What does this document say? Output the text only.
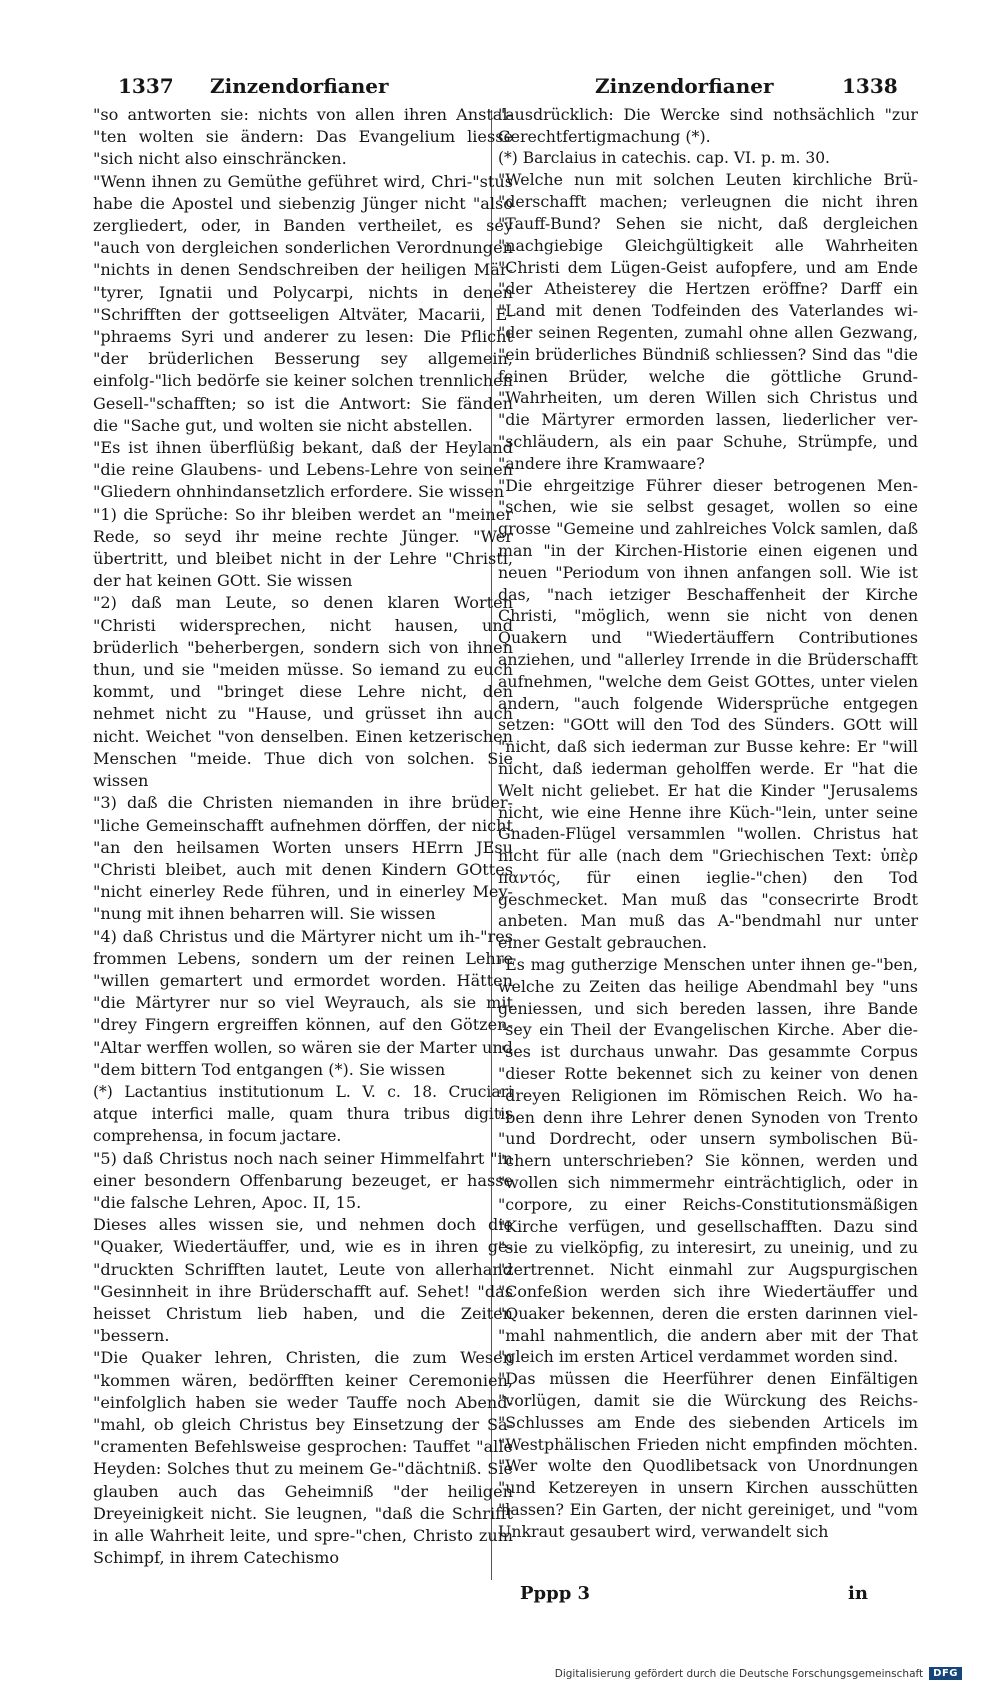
1337 Zinzendorfianer	Zinzendorfianer	1338

"so antworten sie: nichts von allen ihren Anstal-"ten wolten sie ändern: Das Evangelium liesse "sich nicht also einschräncken.

"Wenn ihnen zu Gemüthe geführet wird, Chri-"stus habe die Apostel und siebenzig Jünger nicht "also zergliedert, oder, in Banden vertheilet, es sey "auch von dergleichen sonderlichen Verordnungen "nichts in denen Sendschreiben der heiligen Mär-"tyrer, Ignatii und Polycarpi, nichts in denen "Schrifften der gottseeligen Altväter, Macarii, E-"phraems Syri und anderer zu lesen: Die Pflicht "der brüderlichen Besserung sey allgemein, einfolg-"lich bedörfe sie keiner solchen trennlichen Gesell-"schafften; so ist die Antwort: Sie fänden die "Sache gut, und wolten sie nicht abstellen.

"Es ist ihnen überflüßig bekant, daß der Heyland "die reine Glaubens- und Lebens-Lehre von seinen "Gliedern ohnhindansetzlich erfordere. Sie wissen

"1) die Sprüche: So ihr bleiben werdet an "meiner Rede, so seyd ihr meine rechte Jünger. "Wer übertritt, und bleibet nicht in der Lehre "Christi, der hat keinen GOtt. Sie wissen

"2) daß man Leute, so denen klaren Worten "Christi widersprechen, nicht hausen, und brüderlich "beherbergen, sondern sich von ihnen thun, und sie "meiden müsse. So iemand zu euch kommt, und "bringet diese Lehre nicht, den nehmet nicht zu "Hause, und grüsset ihn auch nicht. Weichet "von denselben. Einen ketzerischen Menschen "meide. Thue dich von solchen. Sie wissen

"3) daß die Christen niemanden in ihre brüder-"liche Gemeinschafft aufnehmen dörffen, der nicht "an den heilsamen Worten unsers HErrn JEsu "Christi bleibet, auch mit denen Kindern GOttes "nicht einerley Rede führen, und in einerley Mey-"nung mit ihnen beharren will. Sie wissen

"4) daß Christus und die Märtyrer nicht um ih-"res frommen Lebens, sondern um der reinen Lehre "willen gemartert und ermordet worden. Hätten "die Märtyrer nur so viel Weyrauch, als sie mit "drey Fingern ergreiffen können, auf den Götzen-"Altar werffen wollen, so wären sie der Marter und "dem bittern Tod entgangen (*). Sie wissen

(*) Lactantius institutionum L. V. c. 18. Cruciari atque interfici malle, quam thura tribus digitis comprehensa, in focum jactare.

"5) daß Christus noch nach seiner Himmelfahrt "in einer besondern Offenbarung bezeuget, er hasse "die falsche Lehren, Apoc. II, 15.

Dieses alles wissen sie, und nehmen doch die "Quaker, Wiedertäuffer, und, wie es in ihren ge-"druckten Schrifften lautet, Leute von allerhand "Gesinnheit in ihre Brüderschafft auf. Sehet! "das heisset Christum lieb haben, und die Zeiten "bessern.

"Die Quaker lehren, Christen, die zum Wesen "kommen wären, bedörfften keiner Ceremonien, "einfolglich haben sie weder Tauffe noch Abend-"mahl, ob gleich Christus bey Einsetzung der Sa-"cramenten Befehlsweise gesprochen: Tauffet "alle Heyden: Solches thut zu meinem Ge-"dächtniß. Sie glauben auch das Geheimniß "der heiligen Dreyeinigkeit nicht. Sie leugnen, "daß die Schrifft in alle Wahrheit leite, und spre-"chen, Christo zum Schimpf, in ihrem Catechismo

"ausdrücklich: Die Wercke sind nothsächlich "zur Gerechtfertigmachung (*).

(*) Barclaius in catechis. cap. VI. p. m. 30.

"Welche nun mit solchen Leuten kirchliche Brü-"derschafft machen; verleugnen die nicht ihren "Tauff-Bund? Sehen sie nicht, daß dergleichen "nachgiebige Gleichgültigkeit alle Wahrheiten "Christi dem Lügen-Geist aufopfere, und am Ende "der Atheisterey die Hertzen eröffne? Darff ein "Land mit denen Todfeinden des Vaterlandes wi-"der seinen Regenten, zumahl ohne allen Gezwang, "ein brüderliches Bündniß schliessen? Sind das "die feinen Brüder, welche die göttliche Grund-"Wahrheiten, um deren Willen sich Christus und "die Märtyrer ermorden lassen, liederlicher ver-"schläudern, als ein paar Schuhe, Strümpfe, und "andere ihre Kramwaare?

"Die ehrgeitzige Führer dieser betrogenen Men-"schen, wie sie selbst gesaget, wollen so eine grosse "Gemeine und zahlreiches Volck samlen, daß man "in der Kirchen-Historie einen eigenen und neuen "Periodum von ihnen anfangen soll. Wie ist das, "nach ietziger Beschaffenheit der Kirche Christi, "möglich, wenn sie nicht von denen Quakern und "Wiedertäuffern Contributiones anziehen, und "allerley Irrende in die Brüderschafft aufnehmen, "welche dem Geist GOttes, unter vielen andern, "auch folgende Widersprüche entgegen setzen: "GOtt will den Tod des Sünders. GOtt will "nicht, daß sich iederman zur Busse kehre: Er "will nicht, daß iederman geholffen werde. Er "hat die Welt nicht geliebet. Er hat die Kinder "Jerusalems nicht, wie eine Henne ihre Küch-"lein, unter seine Gnaden-Flügel versammlen "wollen. Christus hat nicht für alle (nach dem "Griechischen Text: ὑπὲρ παντός, für einen ieglie-"chen) den Tod geschmecket. Man muß das "consecrirte Brodt anbeten. Man muß das A-"bendmahl nur unter einer Gestalt gebrauchen.

"Es mag gutherzige Menschen unter ihnen ge-"ben, welche zu Zeiten das heilige Abendmahl bey "uns geniessen, und sich bereden lassen, ihre Bande "sey ein Theil der Evangelischen Kirche. Aber die-"ses ist durchaus unwahr. Das gesammte Corpus "dieser Rotte bekennet sich zu keiner von denen "dreyen Religionen im Römischen Reich. Wo ha-"ben denn ihre Lehrer denen Synoden von Trento "und Dordrecht, oder unsern symbolischen Bü-"chern unterschrieben? Sie können, werden und "wollen sich nimmermehr einträchtiglich, oder in "corpore, zu einer Reichs-Constitutionsmäßigen "Kirche verfügen, und gesellschafften. Dazu sind "sie zu vielköpfig, zu interesirt, zu uneinig, und zu "zertrennet. Nicht einmahl zur Augspurgischen "Confeßion werden sich ihre Wiedertäuffer und "Quaker bekennen, deren die ersten darinnen viel-"mahl nahmentlich, die andern aber mit der That "gleich im ersten Articel verdammet worden sind.

"Das müssen die Heerführer denen Einfältigen "vorlügen, damit sie die Würckung des Reichs-"Schlusses am Ende des siebenden Articels im "Westphälischen Frieden nicht empfinden möchten. "Wer wolte den Quodlibetsack von Unordnungen "und Ketzereyen in unsern Kirchen ausschütten "lassen? Ein Garten, der nicht gereiniget, und "vom Unkraut gesaubert wird, verwandelt sich

Pppp 3	in
Digitalisierung gefördert durch die Deutsche Forschungsgemeinschaft	DFG
